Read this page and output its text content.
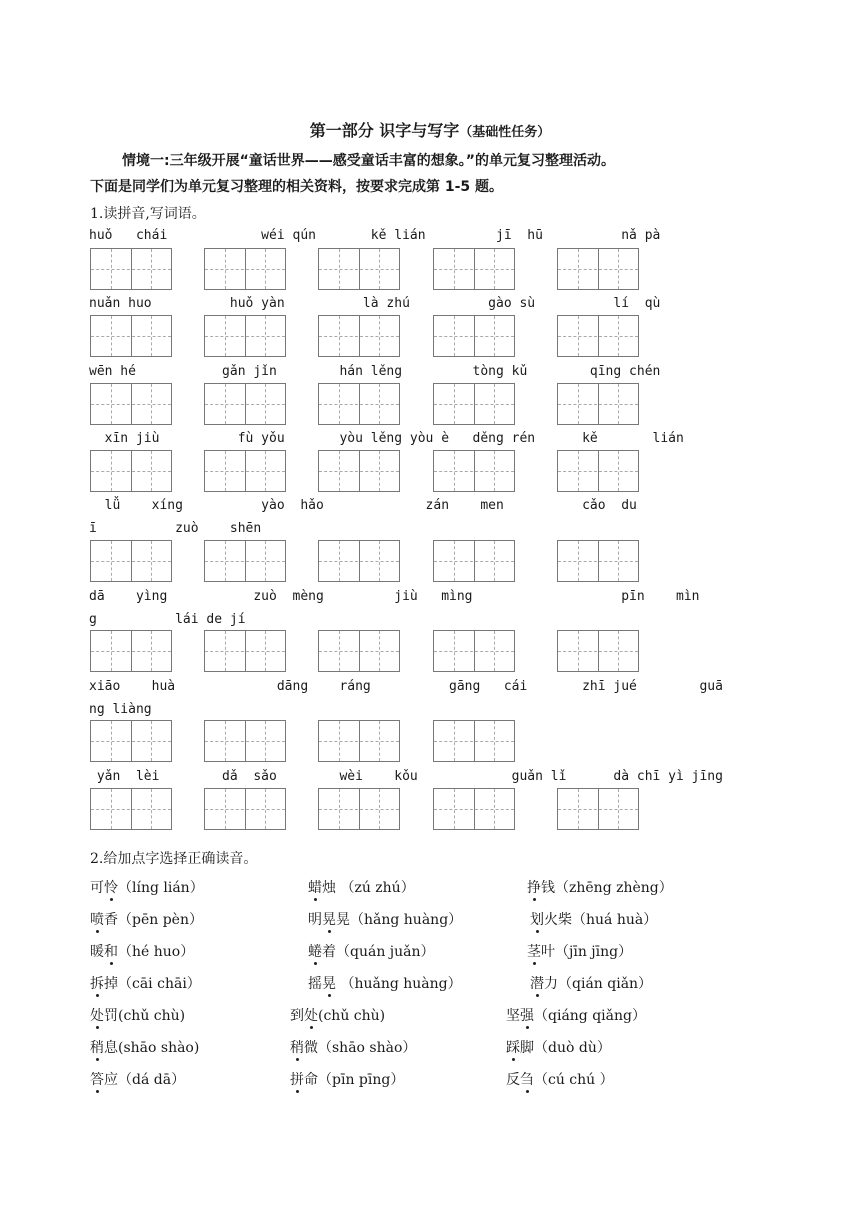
第一部分 识字与写字（基础性任务）
情境一:三年级开展“童话世界——感受童话丰富的想象。”的单元复习整理活动。
下面是同学们为单元复习整理的相关资料，按要求完成第 1-5 题。
1.读拼音,写词语。
huǒ   chái            wéi qún       kě lián         jī  hū          nǎ pà
nuǎn huo          huǒ yàn          là zhú          gào sù          lí  qù
wēn hé           gǎn jǐn        hán lěng         tòng kǔ        qīng chén
xīn jiù          fù yǒu       yòu lěng yòu è   děng rén      kě       lián
lǚ    xíng          yào  hǎo             zán    men          cǎo  du
ī          zuò    shēn
dā    yìng           zuò  mèng         jiù   mìng                   pīn    mìn
g          lái de jí
xiāo    huà             dāng    ráng          gāng   cái       zhī jué        guā
ng liàng
yǎn  lèi        dǎ  sǎo        wèi    kǒu            guǎn lǐ      dà chī yì jīng
2.给加点字选择正确读音。
可怜（líng lián）	蜡烛 （zú zhú）	挣钱（zhēng zhèng）
喷香（pēn pèn）	明晃晃（hǎng huàng）	划火柴（huá huà）
暖和（hé huo）	蜷着（quán juǎn）	茎叶（jīn jīng）
拆掉（cāi chāi）	摇晃 （huǎng huàng）	潜力（qián qiǎn）
处罚(chǔ chù)	到处(chǔ chù)	坚强（qiáng qiǎng）
稍息(shāo shào)	稍微（shāo shào）	踩脚（duò dù）
答应（dá dā）	拼命（pīn pīng）	反刍（cú chú ）
